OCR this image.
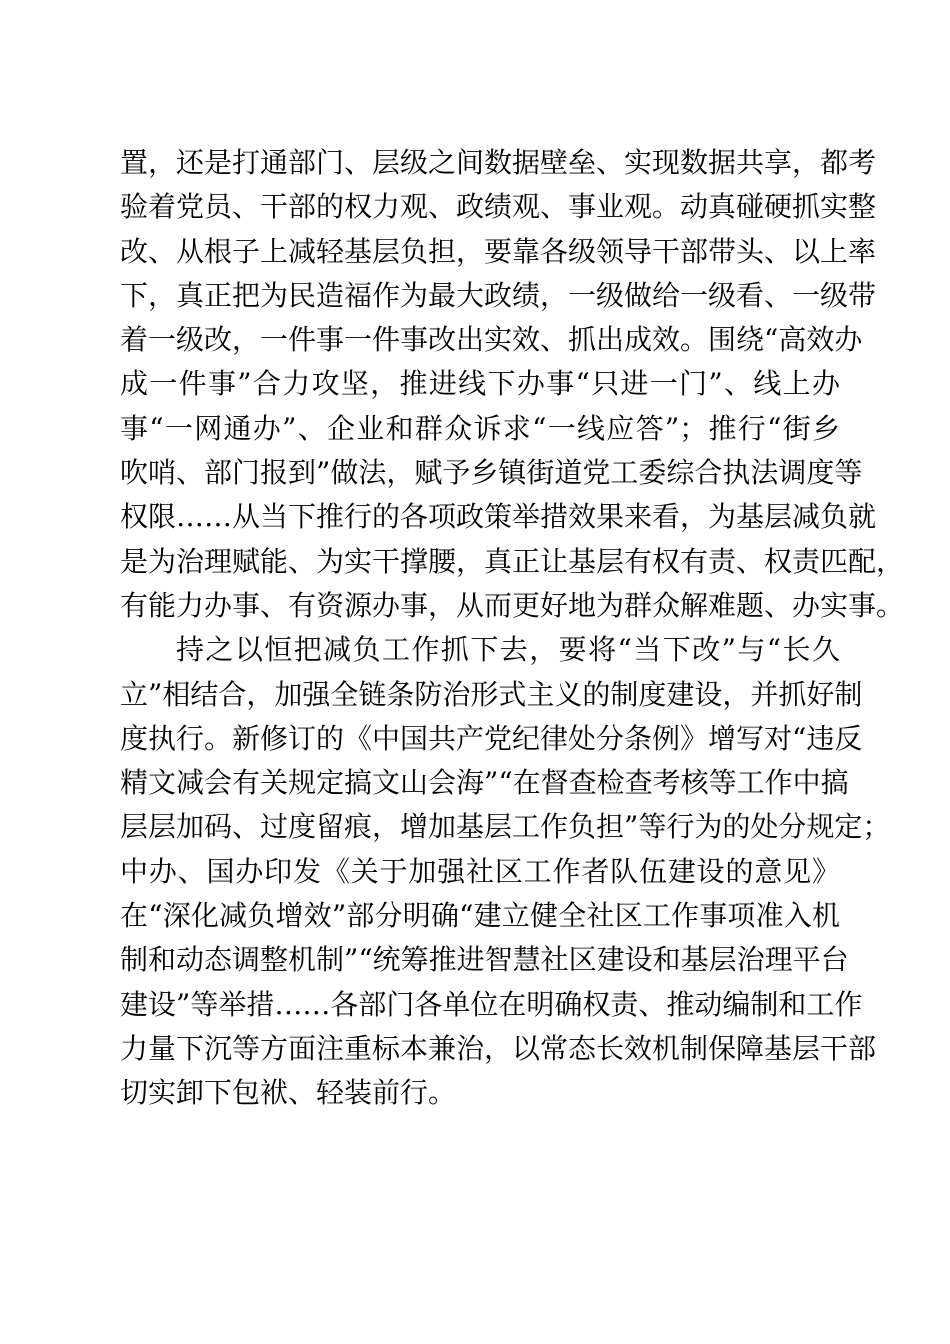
置，还是打通部门、层级之间数据壁垒、实现数据共享，都考
验着党员、干部的权力观、政绩观、事业观。动真碰硬抓实整
改、从根子上减轻基层负担，要靠各级领导干部带头、以上率
下，真正把为民造福作为最大政绩，一级做给一级看、一级带
着一级改，一件事一件事改出实效、抓出成效。围绕“高效办
成一件事”合力攻坚，推进线下办事“只进一门”、线上办
事“一网通办”、企业和群众诉求“一线应答”；推行“街乡
吹哨、部门报到”做法，赋予乡镇街道党工委综合执法调度等
权限……从当下推行的各项政策举措效果来看，为基层减负就
是为治理赋能、为实干撑腰，真正让基层有权有责、权责匹配，
有能力办事、有资源办事，从而更好地为群众解难题、办实事。
持之以恒把减负工作抓下去，要将“当下改”与“长久
立”相结合，加强全链条防治形式主义的制度建设，并抓好制
度执行。新修订的《中国共产党纪律处分条例》增写对“违反
精文减会有关规定搞文山会海”“在督查检查考核等工作中搞
层层加码、过度留痕，增加基层工作负担”等行为的处分规定；
中办、国办印发《关于加强社区工作者队伍建设的意见》
在“深化减负增效”部分明确“建立健全社区工作事项准入机
制和动态调整机制”“统筹推进智慧社区建设和基层治理平台
建设”等举措……各部门各单位在明确权责、推动编制和工作
力量下沉等方面注重标本兼治，以常态长效机制保障基层干部
切实卸下包袱、轻装前行。
